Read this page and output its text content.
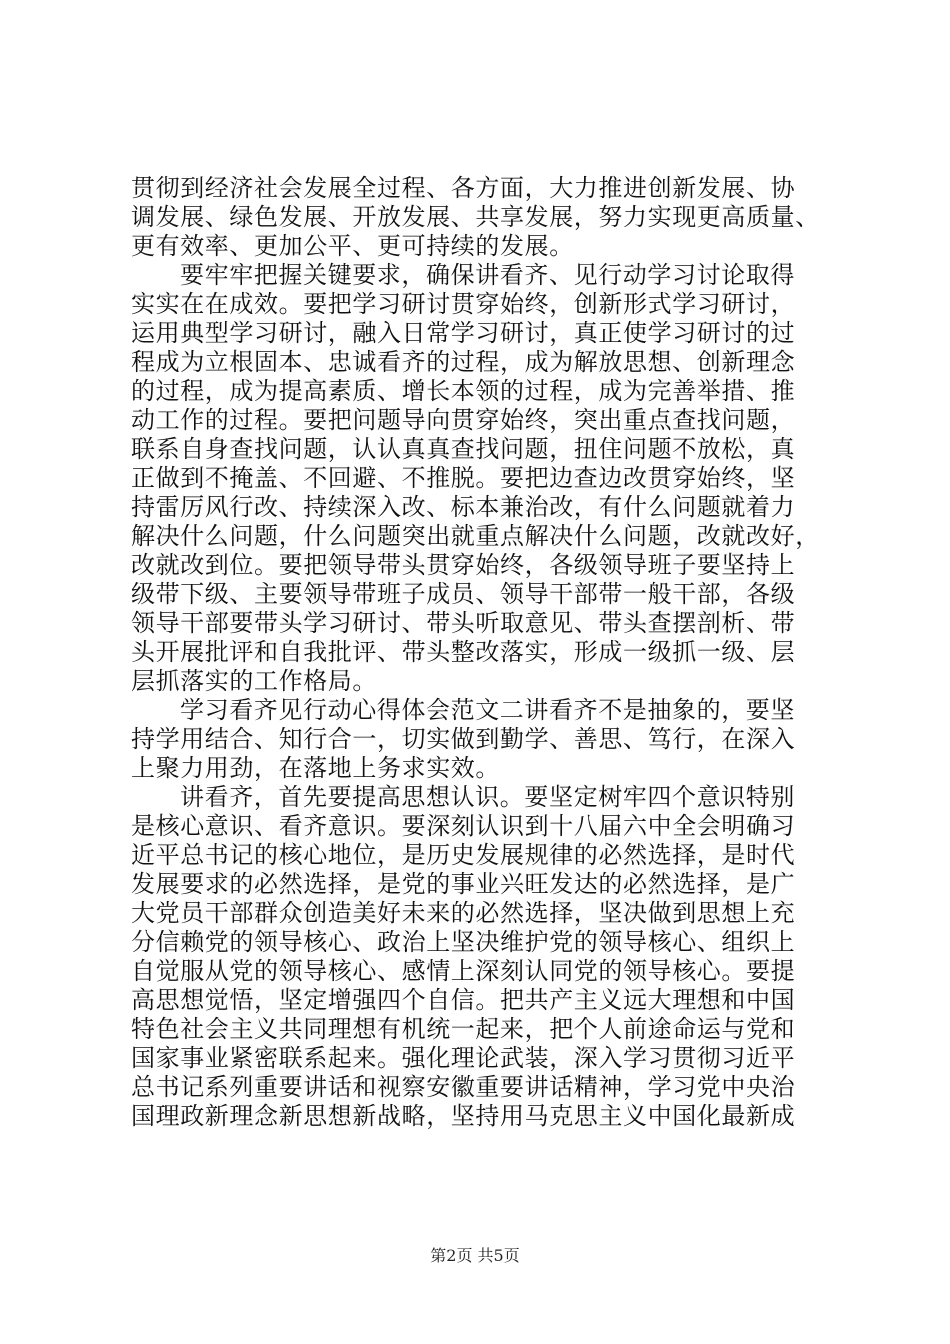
贯彻到经济社会发展全过程、各方面，大力推进创新发展、协
调发展、绿色发展、开放发展、共享发展，努力实现更高质量、
更有效率、更加公平、更可持续的发展。
要牢牢把握关键要求，确保讲看齐、见行动学习讨论取得
实实在在成效。要把学习研讨贯穿始终，创新形式学习研讨，
运用典型学习研讨，融入日常学习研讨，真正使学习研讨的过
程成为立根固本、忠诚看齐的过程，成为解放思想、创新理念
的过程，成为提高素质、增长本领的过程，成为完善举措、推
动工作的过程。要把问题导向贯穿始终，突出重点查找问题，
联系自身查找问题，认认真真查找问题，扭住问题不放松，真
正做到不掩盖、不回避、不推脱。要把边查边改贯穿始终，坚
持雷厉风行改、持续深入改、标本兼治改，有什么问题就着力
解决什么问题，什么问题突出就重点解决什么问题，改就改好，
改就改到位。要把领导带头贯穿始终，各级领导班子要坚持上
级带下级、主要领导带班子成员、领导干部带一般干部，各级
领导干部要带头学习研讨、带头听取意见、带头查摆剖析、带
头开展批评和自我批评、带头整改落实，形成一级抓一级、层
层抓落实的工作格局。
学习看齐见行动心得体会范文二讲看齐不是抽象的，要坚
持学用结合、知行合一，切实做到勤学、善思、笃行，在深入
上聚力用劲，在落地上务求实效。
讲看齐，首先要提高思想认识。要坚定树牢四个意识特别
是核心意识、看齐意识。要深刻认识到十八届六中全会明确习
近平总书记的核心地位，是历史发展规律的必然选择，是时代
发展要求的必然选择，是党的事业兴旺发达的必然选择，是广
大党员干部群众创造美好未来的必然选择，坚决做到思想上充
分信赖党的领导核心、政治上坚决维护党的领导核心、组织上
自觉服从党的领导核心、感情上深刻认同党的领导核心。要提
高思想觉悟，坚定增强四个自信。把共产主义远大理想和中国
特色社会主义共同理想有机统一起来，把个人前途命运与党和
国家事业紧密联系起来。强化理论武装，深入学习贯彻习近平
总书记系列重要讲话和视察安徽重要讲话精神，学习党中央治
国理政新理念新思想新战略，坚持用马克思主义中国化最新成
第2页 共5页
